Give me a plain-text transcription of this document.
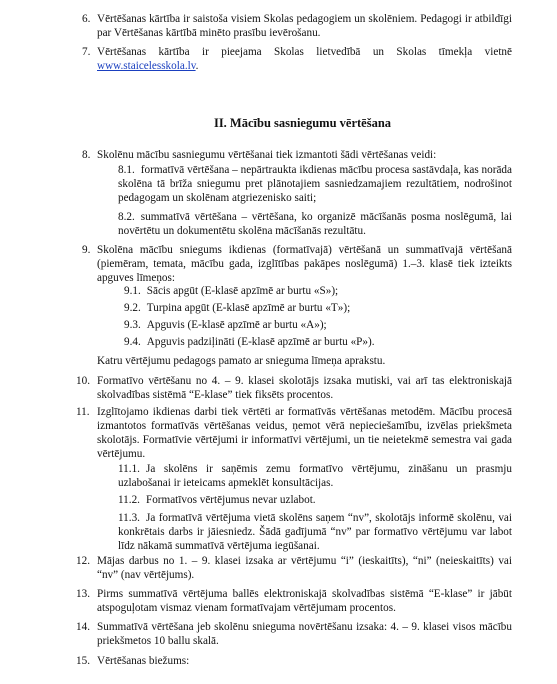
6. Vērtēšanas kārtība ir saistoša visiem Skolas pedagogiem un skolēniem. Pedagogi ir atbildīgi par Vērtēšanas kārtībā minēto prasību ievērošanu.

7. Vērtēšanas kārtība ir pieejama Skolas lietvedībā un Skolas tīmekļa vietnē www.staicelesskola.lv.

II. Mācību sasniegumu vērtēšana
8. Skolēnu mācību sasniegumu vērtēšanai tiek izmantoti šādi vērtēšanas veidi:

8.1. formatīvā vērtēšana – nepārtraukta ikdienas mācību procesa sastāvdaļa, kas norāda skolēna tā brīža sniegumu pret plānotajiem sasniedzamajiem rezultātiem, nodrošinot pedagogam un skolēnam atgriezenisko saiti;

8.2. summatīvā vērtēšana – vērtēšana, ko organizē mācīšanās posma noslēgumā, lai novērtētu un dokumentētu skolēna mācīšanās rezultātu.

9. Skolēna mācību sniegums ikdienas (formatīvajā) vērtēšanā un summatīvajā vērtēšanā (piemēram, temata, mācību gada, izglītības pakāpes noslēgumā) 1.–3. klasē tiek izteikts apguves līmeņos:

9.1. Sācis apgūt (E-klasē apzīmē ar burtu «S»);

9.2. Turpina apgūt (E-klasē apzīmē ar burtu «T»);

9.3. Apguvis (E-klasē apzīmē ar burtu «A»);

9.4. Apguvis padziļināti (E-klasē apzīmē ar burtu «P»).

Katru vērtējumu pedagogs pamato ar snieguma līmeņa aprakstu.

10. Formatīvo vērtēšanu no 4. – 9. klasei skolotājs izsaka mutiski, vai arī tas elektroniskajā skolvadības sistēmā “E-klase” tiek fiksēts procentos.

11. Izglītojamo ikdienas darbi tiek vērtēti ar formatīvās vērtēšanas metodēm. Mācību procesā izmantotos formatīvās vērtēšanas veidus, ņemot vērā nepieciešamību, izvēlas priekšmeta skolotājs. Formatīvie vērtējumi ir informatīvi vērtējumi, un tie neietekmē semestra vai gada vērtējumu.

11.1. Ja skolēns ir saņēmis zemu formatīvo vērtējumu, zināšanu un prasmju uzlabošanai ir ieteicams apmeklēt konsultācijas.

11.2. Formatīvos vērtējumus nevar uzlabot.

11.3. Ja formatīvā vērtējuma vietā skolēns saņem “nv”, skolotājs informē skolēnu, vai konkrētais darbs ir jāiesniedz. Šādā gadījumā “nv” par formatīvo vērtējumu var labot līdz nākamā summatīvā vērtējuma iegūšanai.

12. Mājas darbus no 1. – 9. klasei izsaka ar vērtējumu “i” (ieskaitīts), “ni” (neieskaitīts) vai “nv” (nav vērtējums).

13. Pirms summatīvā vērtējuma ballēs elektroniskajā skolvadības sistēmā “E-klase” ir jābūt atspoguļotam vismaz vienam formatīvajam vērtējumam procentos.

14. Summatīvā vērtēšana jeb skolēnu snieguma novērtēšanu izsaka: 4. – 9. klasei visos mācību priekšmetos 10 ballu skalā.

15. Vērtēšanas biežums:
